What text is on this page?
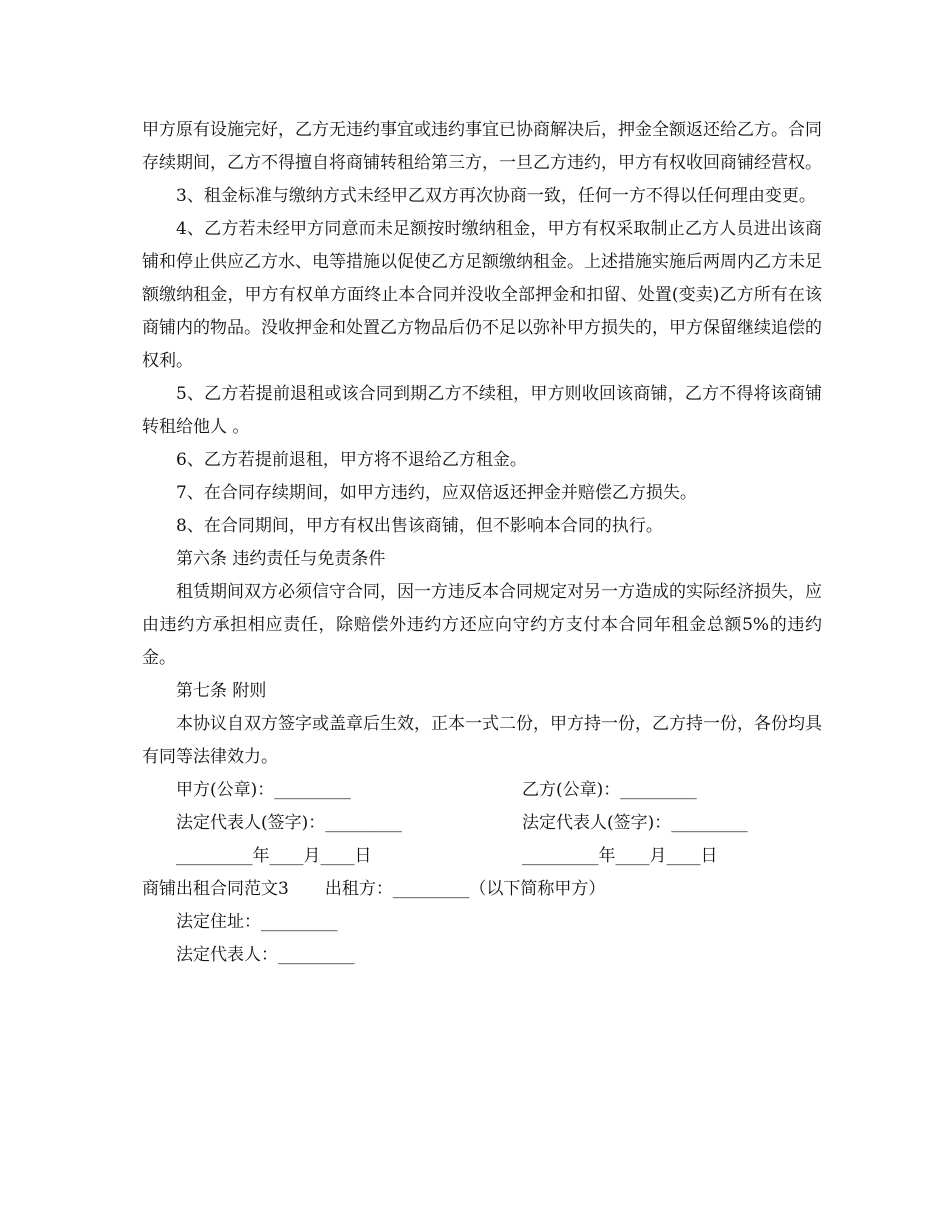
甲方原有设施完好，乙方无违约事宜或违约事宜已协商解决后，押金全额返还给乙方。合同存续期间，乙方不得擅自将商铺转租给第三方，一旦乙方违约，甲方有权收回商铺经营权。

3、租金标准与缴纳方式未经甲乙双方再次协商一致，任何一方不得以任何理由变更。

4、乙方若未经甲方同意而未足额按时缴纳租金，甲方有权采取制止乙方人员进出该商铺和停止供应乙方水、电等措施以促使乙方足额缴纳租金。上述措施实施后两周内乙方未足额缴纳租金，甲方有权单方面终止本合同并没收全部押金和扣留、处置(变卖)乙方所有在该商铺内的物品。没收押金和处置乙方物品后仍不足以弥补甲方损失的，甲方保留继续追偿的权利。

5、乙方若提前退租或该合同到期乙方不续租，甲方则收回该商铺，乙方不得将该商铺转租给他人 。

6、乙方若提前退租，甲方将不退给乙方租金。

7、在合同存续期间，如甲方违约，应双倍返还押金并赔偿乙方损失。

8、在合同期间，甲方有权出售该商铺，但不影响本合同的执行。

第六条 违约责任与免责条件

租赁期间双方必须信守合同，因一方违反本合同规定对另一方造成的实际经济损失，应由违约方承担相应责任，除赔偿外违约方还应向守约方支付本合同年租金总额5%的违约金。

第七条 附则

本协议自双方签字或盖章后生效，正本一式二份，甲方持一份，乙方持一份，各份均具有同等法律效力。

甲方(公章)：_________	乙方(公章)：_________
法定代表人(签字)：_________	法定代表人(签字)：_________
_________年____月____日	_________年____月____日
商铺出租合同范文3 出租方：_________（以下简称甲方）
法定住址：_________
法定代表人：_________
